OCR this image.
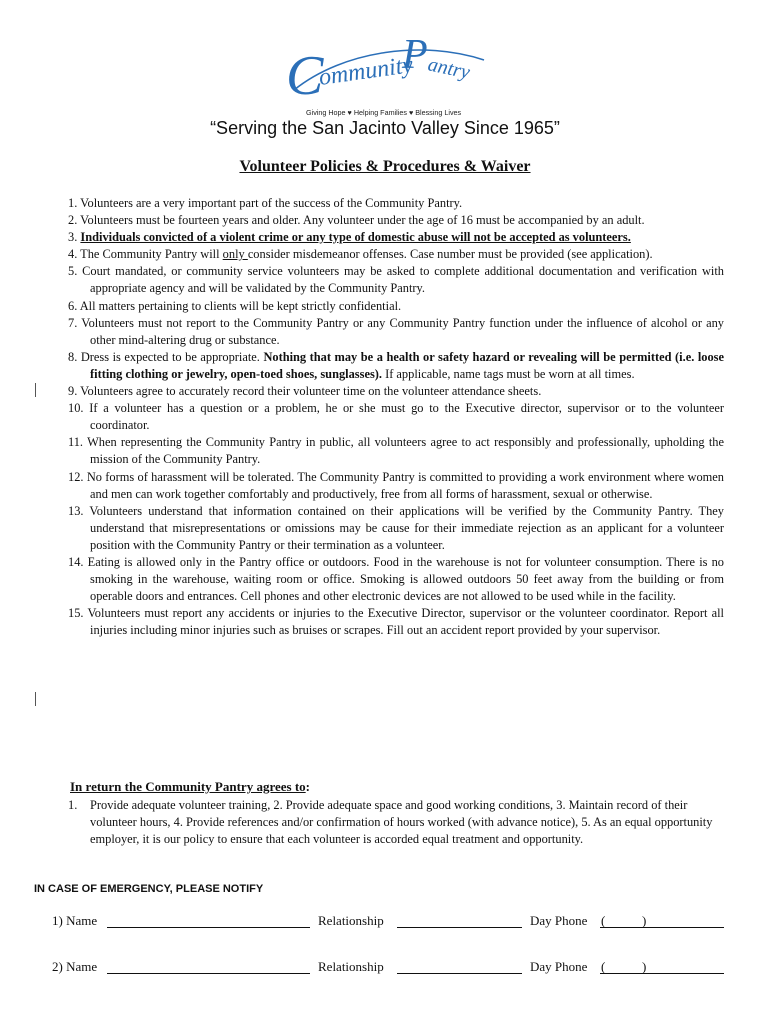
C
ommunity
P
antry
Giving Hope ♥ Helping Families ♥ Blessing Lives
“Serving the San Jacinto Valley Since 1965”
Volunteer Policies & Procedures & Waiver
1. Volunteers are a very important part of the success of the Community Pantry.
2. Volunteers must be fourteen years and older. Any volunteer under the age of 16 must be accompanied by an adult.
3. Individuals convicted of a violent crime or any type of domestic abuse will not be accepted as volunteers.
4. The Community Pantry will only consider misdemeanor offenses. Case number must be provided (see application).
5. Court mandated, or community service volunteers may be asked to complete additional documentation and verification with appropriate agency and will be validated by the Community Pantry.
6. All matters pertaining to clients will be kept strictly confidential.
7. Volunteers must not report to the Community Pantry or any Community Pantry function under the influence of alcohol or any other mind-altering drug or substance.
8. Dress is expected to be appropriate. Nothing that may be a health or safety hazard or revealing will be permitted (i.e. loose fitting clothing or jewelry, open-toed shoes, sunglasses). If applicable, name tags must be worn at all times.
9. Volunteers agree to accurately record their volunteer time on the volunteer attendance sheets.
10. If a volunteer has a question or a problem, he or she must go to the Executive director, supervisor or to the volunteer coordinator.
11. When representing the Community Pantry in public, all volunteers agree to act responsibly and professionally, upholding the mission of the Community Pantry.
12. No forms of harassment will be tolerated. The Community Pantry is committed to providing a work environment where women and men can work together comfortably and productively, free from all forms of harassment, sexual or otherwise.
13. Volunteers understand that information contained on their applications will be verified by the Community Pantry. They understand that misrepresentations or omissions may be cause for their immediate rejection as an applicant for a volunteer position with the Community Pantry or their termination as a volunteer.
14. Eating is allowed only in the Pantry office or outdoors. Food in the warehouse is not for volunteer consumption. There is no smoking in the warehouse, waiting room or office. Smoking is allowed outdoors 50 feet away from the building or from operable doors and entrances. Cell phones and other electronic devices are not allowed to be used while in the facility.
15. Volunteers must report any accidents or injuries to the Executive Director, supervisor or the volunteer coordinator. Report all injuries including minor injuries such as bruises or scrapes. Fill out an accident report provided by your supervisor.
In return the Community Pantry agrees to:
1.	Provide adequate volunteer training, 2. Provide adequate space and good working conditions, 3. Maintain record of their volunteer hours, 4. Provide references and/or confirmation of hours worked (with advance notice), 5. As an equal opportunity employer, it is our policy to ensure that each volunteer is accorded equal treatment and opportunity.
IN CASE OF EMERGENCY, PLEASE NOTIFY
1) Name	Relationship	Day Phone (	)
2) Name	Relationship	Day Phone (	)
